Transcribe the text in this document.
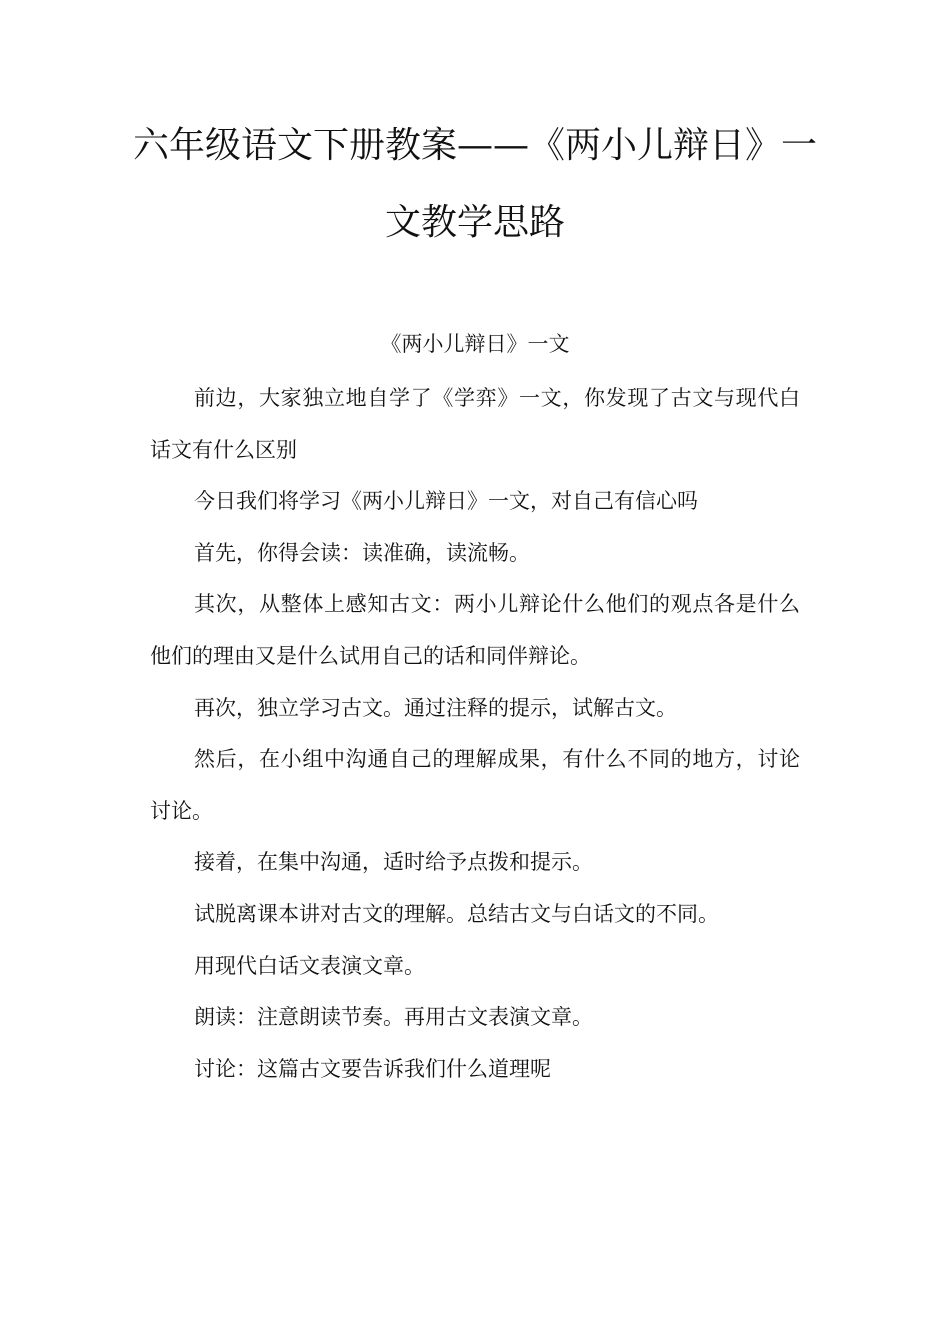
六年级语文下册教案——《两小儿辩日》一
文教学思路
《两小儿辩日》一文

前边，大家独立地自学了《学弈》一文，你发现了古文与现代白话文有什么区别

今日我们将学习《两小儿辩日》一文，对自己有信心吗

首先，你得会读：读准确，读流畅。

其次，从整体上感知古文：两小儿辩论什么他们的观点各是什么他们的理由又是什么试用自己的话和同伴辩论。

再次，独立学习古文。通过注释的提示，试解古文。

然后，在小组中沟通自己的理解成果，有什么不同的地方，讨论讨论。

接着，在集中沟通，适时给予点拨和提示。

试脱离课本讲对古文的理解。总结古文与白话文的不同。

用现代白话文表演文章。

朗读：注意朗读节奏。再用古文表演文章。

讨论：这篇古文要告诉我们什么道理呢
